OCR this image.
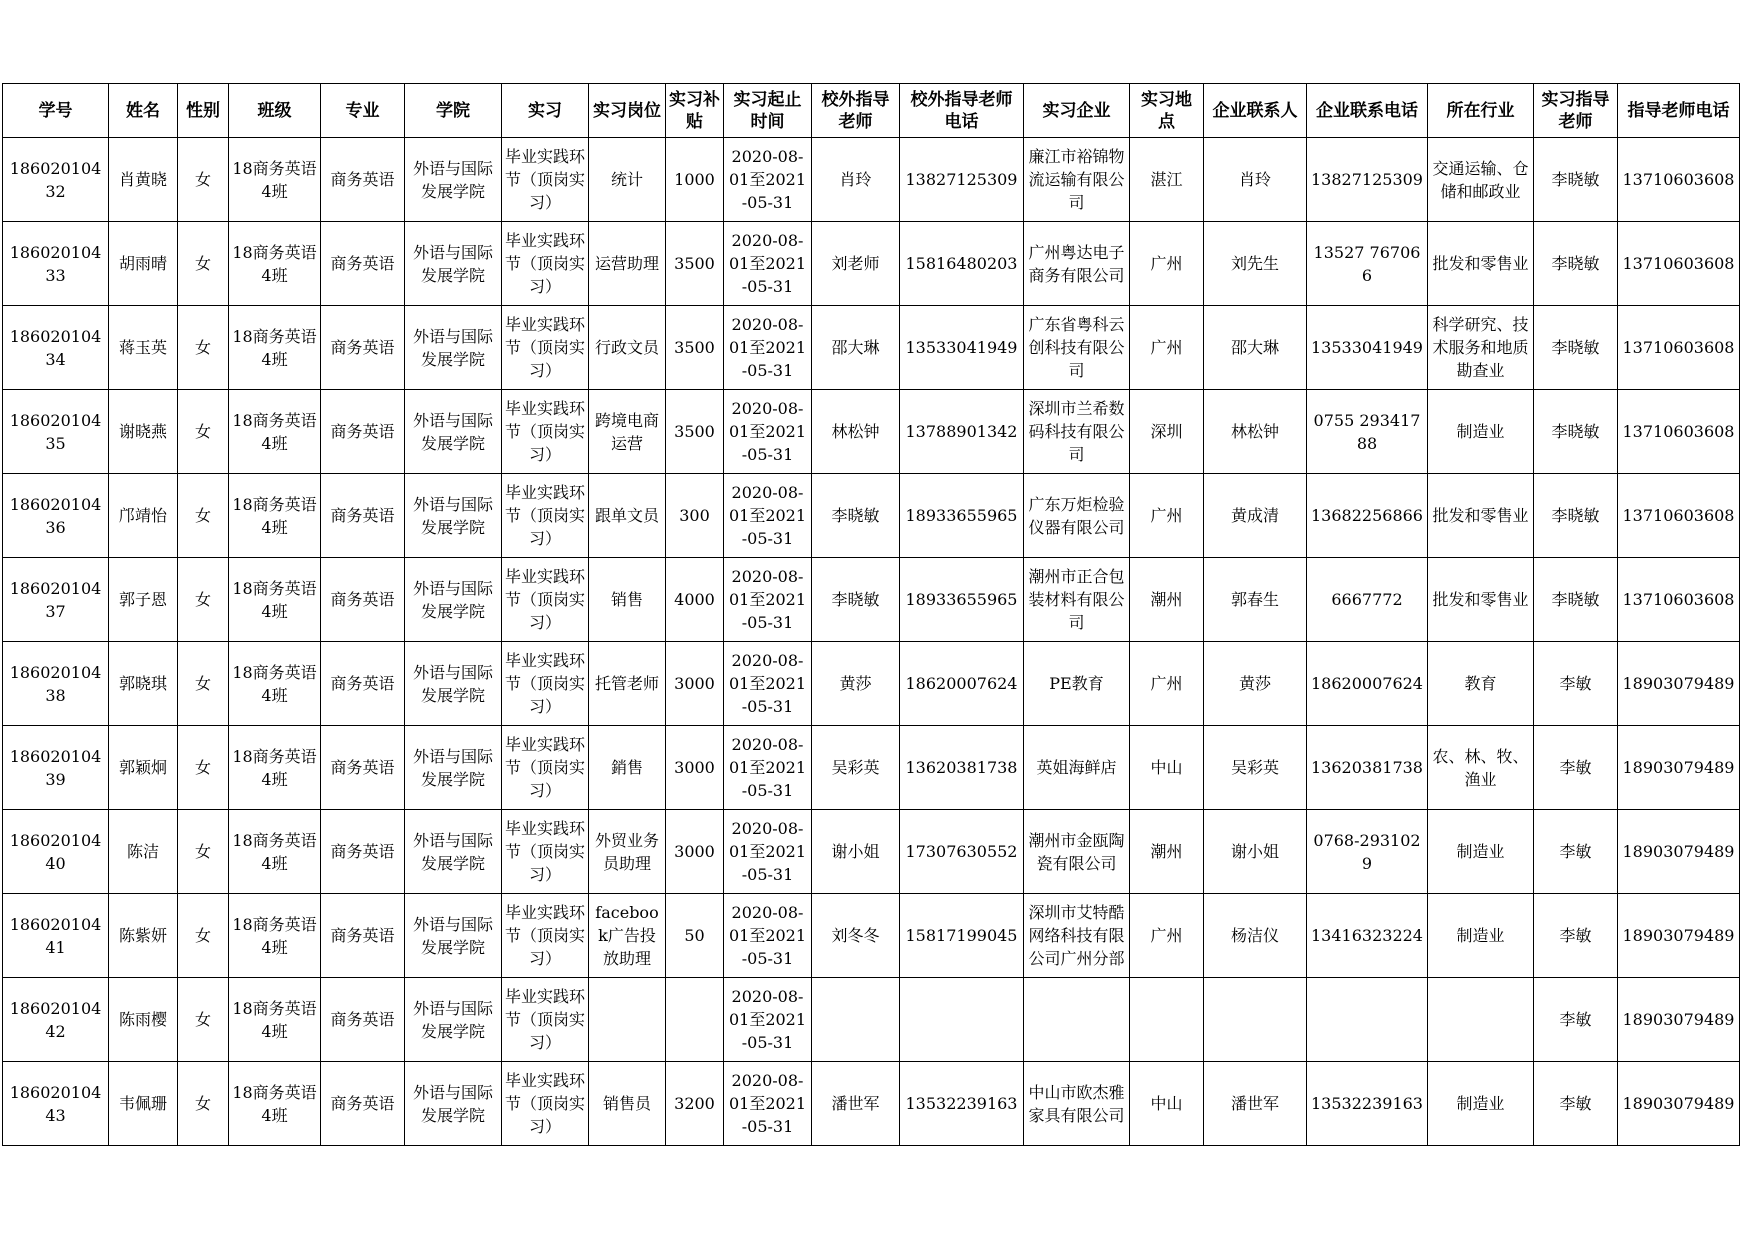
学号	姓名	性别	班级	专业	学院	实习	实习岗位	实习补贴	实习起止时间	校外指导老师	校外指导老师电话	实习企业	实习地点	企业联系人	企业联系电话	所在行业	实习指导老师	指导老师电话

18602010432	肖黄晓	女	18商务英语4班	商务英语	外语与国际发展学院	毕业实践环节（顶岗实习）	统计	1000	2020-08-01至2021-05-31	肖玲	13827125309	廉江市裕锦物流运输有限公司	湛江	肖玲	13827125309	交通运输、仓储和邮政业	李晓敏	13710603608

18602010433	胡雨晴	女	18商务英语4班	商务英语	外语与国际发展学院	毕业实践环节（顶岗实习）	运营助理	3500	2020-08-01至2021-05-31	刘老师	15816480203	广州粤达电子商务有限公司	广州	刘先生	13527 767066	批发和零售业	李晓敏	13710603608

18602010434	蒋玉英	女	18商务英语4班	商务英语	外语与国际发展学院	毕业实践环节（顶岗实习）	行政文员	3500	2020-08-01至2021-05-31	邵大琳	13533041949	广东省粤科云创科技有限公司	广州	邵大琳	13533041949	科学研究、技术服务和地质勘查业	李晓敏	13710603608

18602010435	谢晓燕	女	18商务英语4班	商务英语	外语与国际发展学院	毕业实践环节（顶岗实习）	跨境电商运营	3500	2020-08-01至2021-05-31	林松钟	13788901342	深圳市兰希数码科技有限公司	深圳	林松钟	0755 29341788	制造业	李晓敏	13710603608

18602010436	邝靖怡	女	18商务英语4班	商务英语	外语与国际发展学院	毕业实践环节（顶岗实习）	跟单文员	300	2020-08-01至2021-05-31	李晓敏	18933655965	广东万炬检验仪器有限公司	广州	黄成清	13682256866	批发和零售业	李晓敏	13710603608

18602010437	郭子恩	女	18商务英语4班	商务英语	外语与国际发展学院	毕业实践环节（顶岗实习）	销售	4000	2020-08-01至2021-05-31	李晓敏	18933655965	潮州市正合包装材料有限公司	潮州	郭春生	6667772	批发和零售业	李晓敏	13710603608

18602010438	郭晓琪	女	18商务英语4班	商务英语	外语与国际发展学院	毕业实践环节（顶岗实习）	托管老师	3000	2020-08-01至2021-05-31	黄莎	18620007624	PE教育	广州	黄莎	18620007624	教育	李敏	18903079489

18602010439	郭颖炯	女	18商务英语4班	商务英语	外语与国际发展学院	毕业实践环节（顶岗实习）	銷售	3000	2020-08-01至2021-05-31	吴彩英	13620381738	英姐海鲜店	中山	吴彩英	13620381738	农、林、牧、渔业	李敏	18903079489

18602010440	陈洁	女	18商务英语4班	商务英语	外语与国际发展学院	毕业实践环节（顶岗实习）	外贸业务员助理	3000	2020-08-01至2021-05-31	谢小姐	17307630552	潮州市金瓯陶瓷有限公司	潮州	谢小姐	0768-2931029	制造业	李敏	18903079489

18602010441	陈紫妍	女	18商务英语4班	商务英语	外语与国际发展学院	毕业实践环节（顶岗实习）	facebook广告投放助理	50	2020-08-01至2021-05-31	刘冬冬	15817199045	深圳市艾特酷网络科技有限公司广州分部	广州	杨洁仪	13416323224	制造业	李敏	18903079489

18602010442	陈雨樱	女	18商务英语4班	商务英语	外语与国际发展学院	毕业实践环节（顶岗实习）			2020-08-01至2021-05-31								李敏	18903079489

18602010443	韦佩珊	女	18商务英语4班	商务英语	外语与国际发展学院	毕业实践环节（顶岗实习）	销售员	3200	2020-08-01至2021-05-31	潘世军	13532239163	中山市欧杰雅家具有限公司	中山	潘世军	13532239163	制造业	李敏	18903079489
